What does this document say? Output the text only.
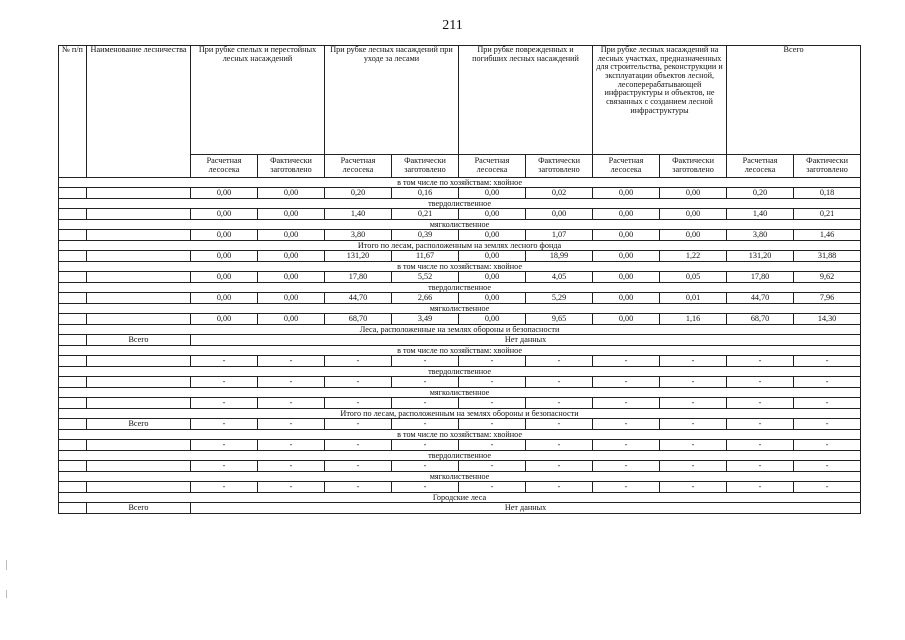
211
№ п/п	Наименование лесничества	При рубке спелых и перестойных лесных насаждений		При рубке лесных насаждений при уходе за лесами		При рубке поврежденных и погибших лесных насаждений		При рубке лесных насаждений на лесных участках, предназначенных для строительства, реконструкции и эксплуатации объектов лесной, лесоперерабатывающей инфраструктуры и объектов, не связанных с созданием лесной инфраструктуры		Всего	
		Расчетная лесосека	Фактически заготовлено	Расчетная лесосека	Фактически заготовлено	Расчетная лесосека	Фактически заготовлено	Расчетная лесосека	Фактически заготовлено	Расчетная лесосека	Фактически заготовлено
в том числе по хозяйствам: хвойное											
		0,00	0,00	0,20	0,16	0,00	0,02	0,00	0,00	0,20	0,18
твердолиственное											
		0,00	0,00	1,40	0,21	0,00	0,00	0,00	0,00	1,40	0,21
мягколиственное											
		0,00	0,00	3,80	0,39	0,00	1,07	0,00	0,00	3,80	1,46
Итого по лесам, расположенным на землях лесного фонда											
		0,00	0,00	131,20	11,67	0,00	18,99	0,00	1,22	131,20	31,88
в том числе по хозяйствам: хвойное											
		0,00	0,00	17,80	5,52	0,00	4,05	0,00	0,05	17,80	9,62
твердолиственное											
		0,00	0,00	44,70	2,66	0,00	5,29	0,00	0,01	44,70	7,96
мягколиственное											
		0,00	0,00	68,70	3,49	0,00	9,65	0,00	1,16	68,70	14,30
Леса, расположенные на землях обороны и безопасности											
	Всего	Нет данных									
в том числе по хозяйствам: хвойное											
		-	-	-	-	-	-	-	-	-	-
твердолиственное											
		-	-	-	-	-	-	-	-	-	-
мягколиственное											
		-	-	-	-	-	-	-	-	-	-
Итого по лесам, расположенным на землях обороны и безопасности											
	Всего	-	-	-	-	-	-	-	-	-	-
в том числе по хозяйствам: хвойное											
		-	-	-	-	-	-	-	-	-	-
твердолиственное											
		-	-	-	-	-	-	-	-	-	-
мягколиственное											
		-	-	-	-	-	-	-	-	-	-
Городские леса											
	Всего	Нет данных									
